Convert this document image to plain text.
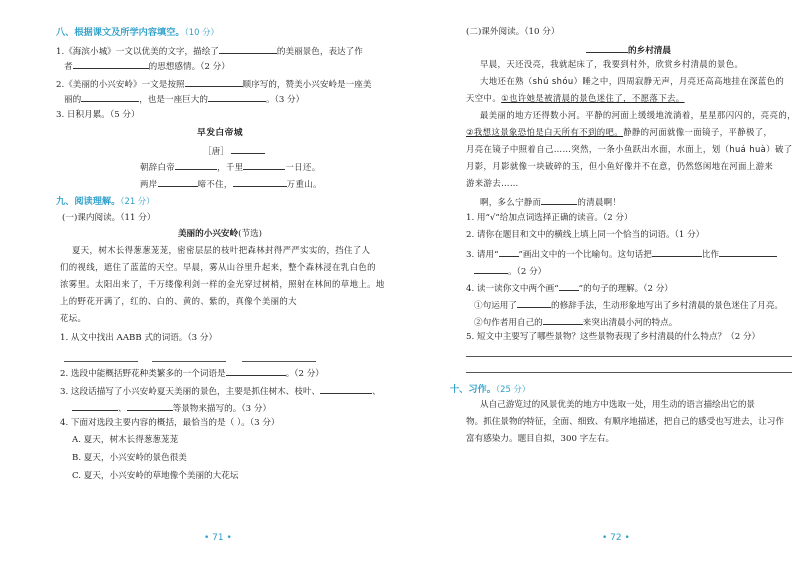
八、根据课文及所学内容填空。（10 分）
1.《海滨小城》一文以优美的文字，描绘了	的美丽景色，表达了作
者	的思想感情。（2 分）
2.《美丽的小兴安岭》一文是按照	顺序写的，赞美小兴安岭是一座美
丽的	，也是一座巨大的	。（3 分）
3. 日积月累。（5 分）
早发白帝城
［唐］
朝辞白帝	，千里	一日还。
两岸	啼不住，	万重山。
九、阅读理解。（21 分）
(一)课内阅读。（11 分）
美丽的小兴安岭(节选)
夏天，树木长得葱葱茏茏，密密层层的枝叶把森林封得严严实实的，挡住了人
们的视线，遮住了蓝蓝的天空。早晨，雾从山谷里升起来，整个森林浸在乳白色的
浓雾里。太阳出来了，千万缕像利剑一样的金光穿过树梢，照射在林间的草地上。地
上的野花开满了，红的、白的、黄的、紫的，真像个美丽的大
花坛。
1. 从文中找出 AABB 式的词语。（3 分）
2. 选段中能概括野花种类繁多的一个词语是	。（2 分）
3. 这段话描写了小兴安岭夏天美丽的景色，主要是抓住树木、枝叶、	、
、	等景物来描写的。（3 分）
4. 下面对选段主要内容的概括，最恰当的是（ ）。（3 分）
A. 夏天，树木长得葱葱茏茏
B. 夏天，小兴安岭的景色很美
C. 夏天，小兴安岭的草地像个美丽的大花坛
• 71 •
(二)课外阅读。（10 分）
的乡村清晨
早晨，天还没亮，我就起床了，我要到村外，欣赏乡村清晨的景色。
大地还在熟（shú shóu）睡之中，四周寂静无声，月亮还高高地挂在深蓝色的
天空中。①也许她是被清晨的景色迷住了，不愿落下去。
最美丽的地方还得数小河。平静的河面上缓缓地流淌着，星星那闪闪的，亮亮的，
②我想这景象恐怕是白天所有不到的吧。静静的河面就像一面镜子，平静极了，
月亮在镜子中照着自己……突然，一条小鱼跃出水面，水面上，划（huá huà）破了
月影，月影就像一块破碎的玉，但小鱼好像并不在意，仍然悠闲地在河面上游来
游来游去……
啊，多么宁静而	的清晨啊！
1. 用“√”给加点词选择正确的读音。（2 分）
2. 请你在题目和文中的横线上填上同一个恰当的词语。（1 分）
3. 请用“ ”画出文中的一个比喻句。这句话把	比作
。（2 分）
4. 读一读你文中两个画“ ”的句子的理解。（2 分）
①句运用了	的修辞手法，生动形象地写出了乡村清晨的景色迷住了月亮。
②句作者用自己的	来突出清晨小河的特点。
5. 短文中主要写了哪些景物？这些景物表现了乡村清晨的什么特点？（2 分）
十、习作。（25 分）
从自己游览过的风景优美的地方中选取一处，用生动的语言描绘出它的景
物。抓住景物的特征，全面、细致、有顺序地描述，把自己的感受也写进去，让习作
富有感染力。题目自拟，300 字左右。
• 72 •
